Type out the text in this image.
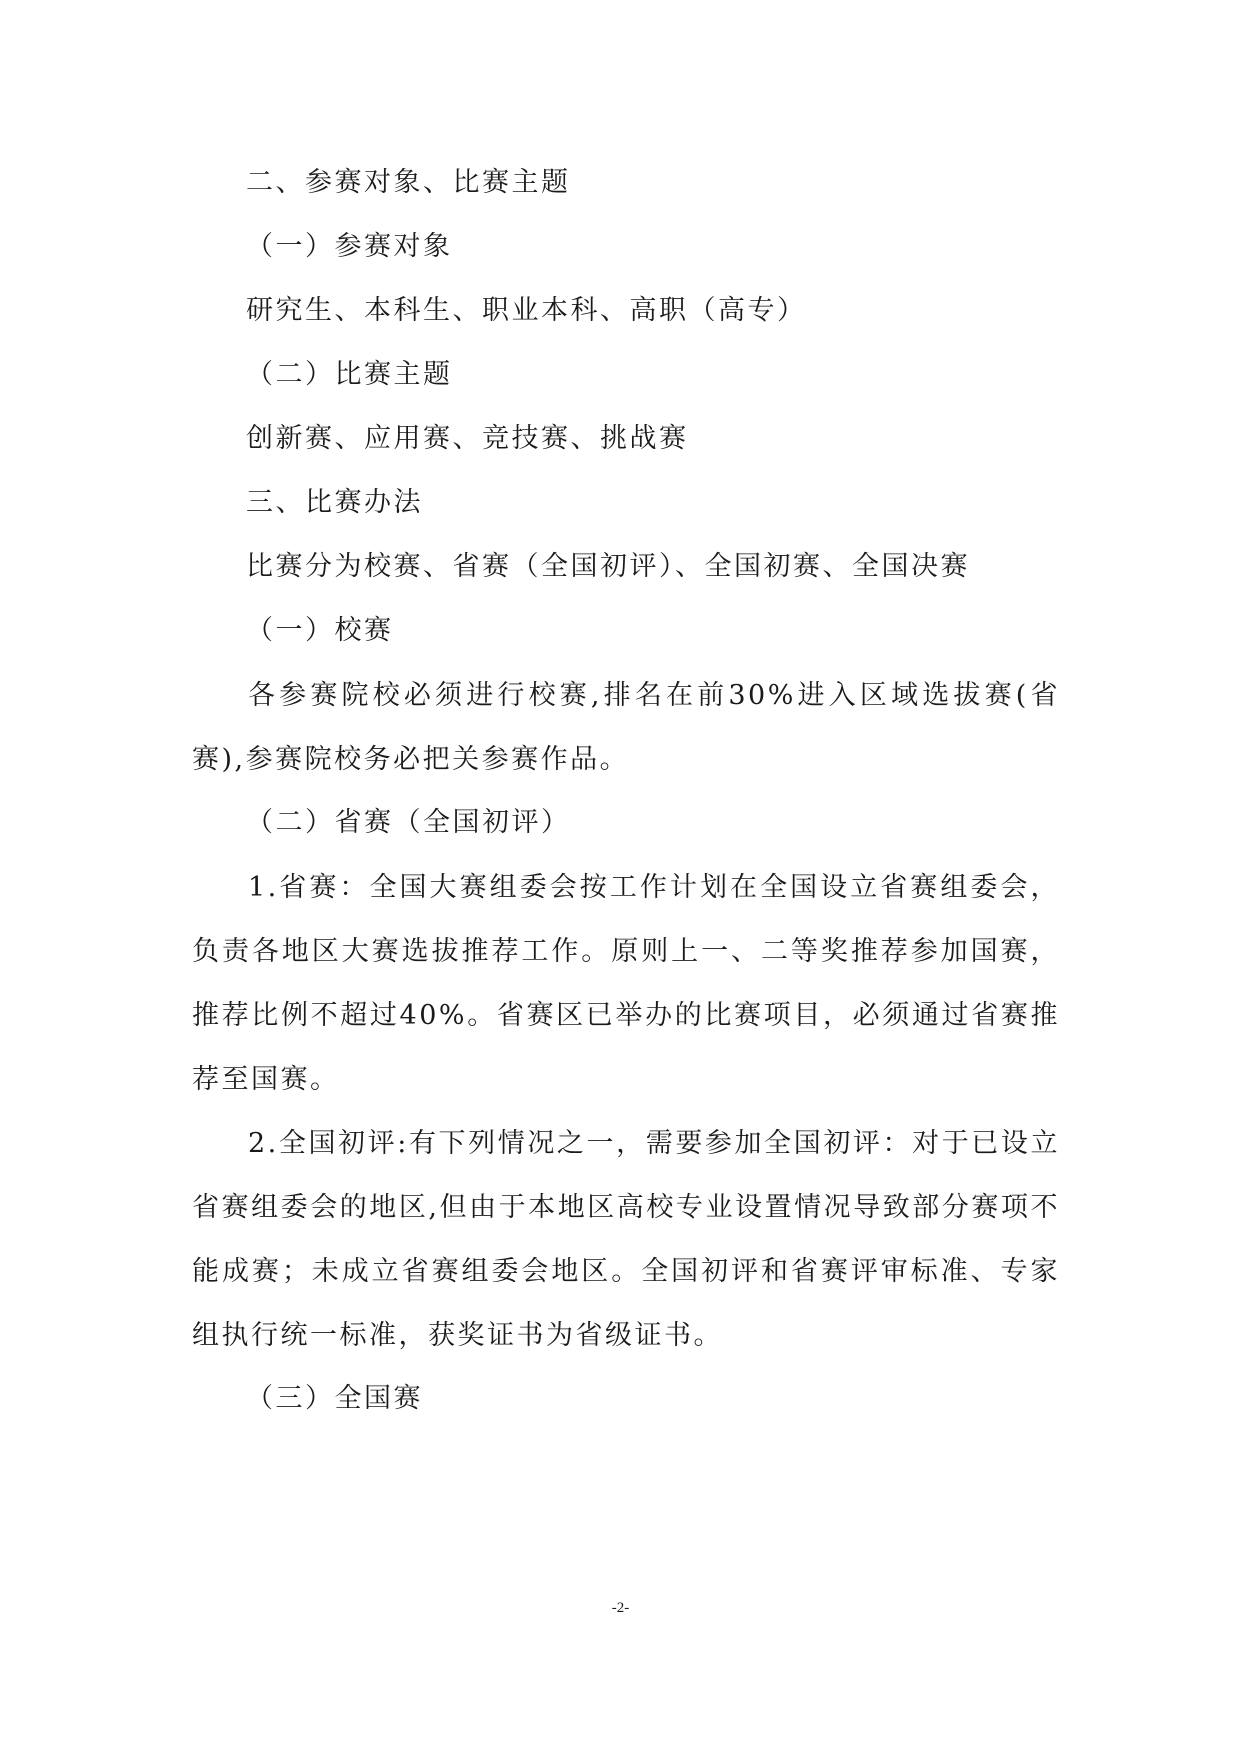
二、参赛对象、比赛主题
（一）参赛对象
研究生、本科生、职业本科、高职（高专）
（二）比赛主题
创新赛、应用赛、竞技赛、挑战赛
三、比赛办法
比赛分为校赛、省赛（全国初评）、全国初赛、全国决赛
（一）校赛
各参赛院校必须进行校赛,排名在前30%进入区域选拔赛(省赛),参赛院校务必把关参赛作品。
（二）省赛（全国初评）
1.省赛：全国大赛组委会按工作计划在全国设立省赛组委会，负责各地区大赛选拔推荐工作。原则上一、二等奖推荐参加国赛，推荐比例不超过40%。省赛区已举办的比赛项目，必须通过省赛推荐至国赛。
2.全国初评:有下列情况之一，需要参加全国初评：对于已设立省赛组委会的地区,但由于本地区高校专业设置情况导致部分赛项不能成赛；未成立省赛组委会地区。全国初评和省赛评审标准、专家组执行统一标准，获奖证书为省级证书。
（三）全国赛
-2-
